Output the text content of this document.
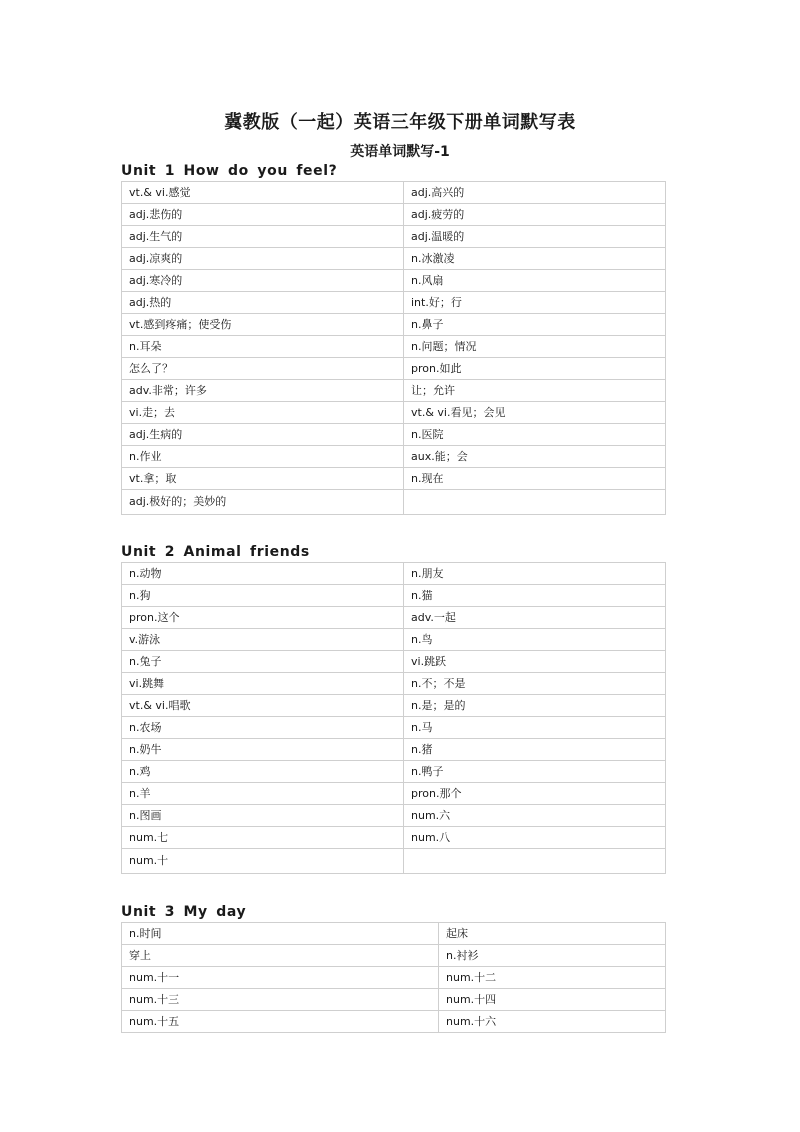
冀教版（一起）英语三年级下册单词默写表
英语单词默写-1
Unit 1 How do you feel?
vt.& vi.感觉	adj.高兴的
adj.悲伤的	adj.疲劳的
adj.生气的	adj.温暖的
adj.凉爽的	n.冰激凌
adj.寒冷的	n.风扇
adj.热的	int.好；行
vt.感到疼痛；使受伤	n.鼻子
n.耳朵	n.问题；情况
怎么了？	pron.如此
adv.非常；许多	让；允许
vi.走；去	vt.& vi.看见；会见
adj.生病的	n.医院
n.作业	aux.能；会
vt.拿；取	n.现在
adj.极好的；美妙的	
Unit 2 Animal friends
n.动物	n.朋友
n.狗	n.猫
pron.这个	adv.一起
v.游泳	n.鸟
n.兔子	vi.跳跃
vi.跳舞	n.不；不是
vt.& vi.唱歌	n.是；是的
n.农场	n.马
n.奶牛	n.猪
n.鸡	n.鸭子
n.羊	pron.那个
n.图画	num.六
num.七	num.八
num.十	
Unit 3 My day
n.时间	起床
穿上	n.衬衫
num.十一	num.十二
num.十三	num.十四
num.十五	num.十六
